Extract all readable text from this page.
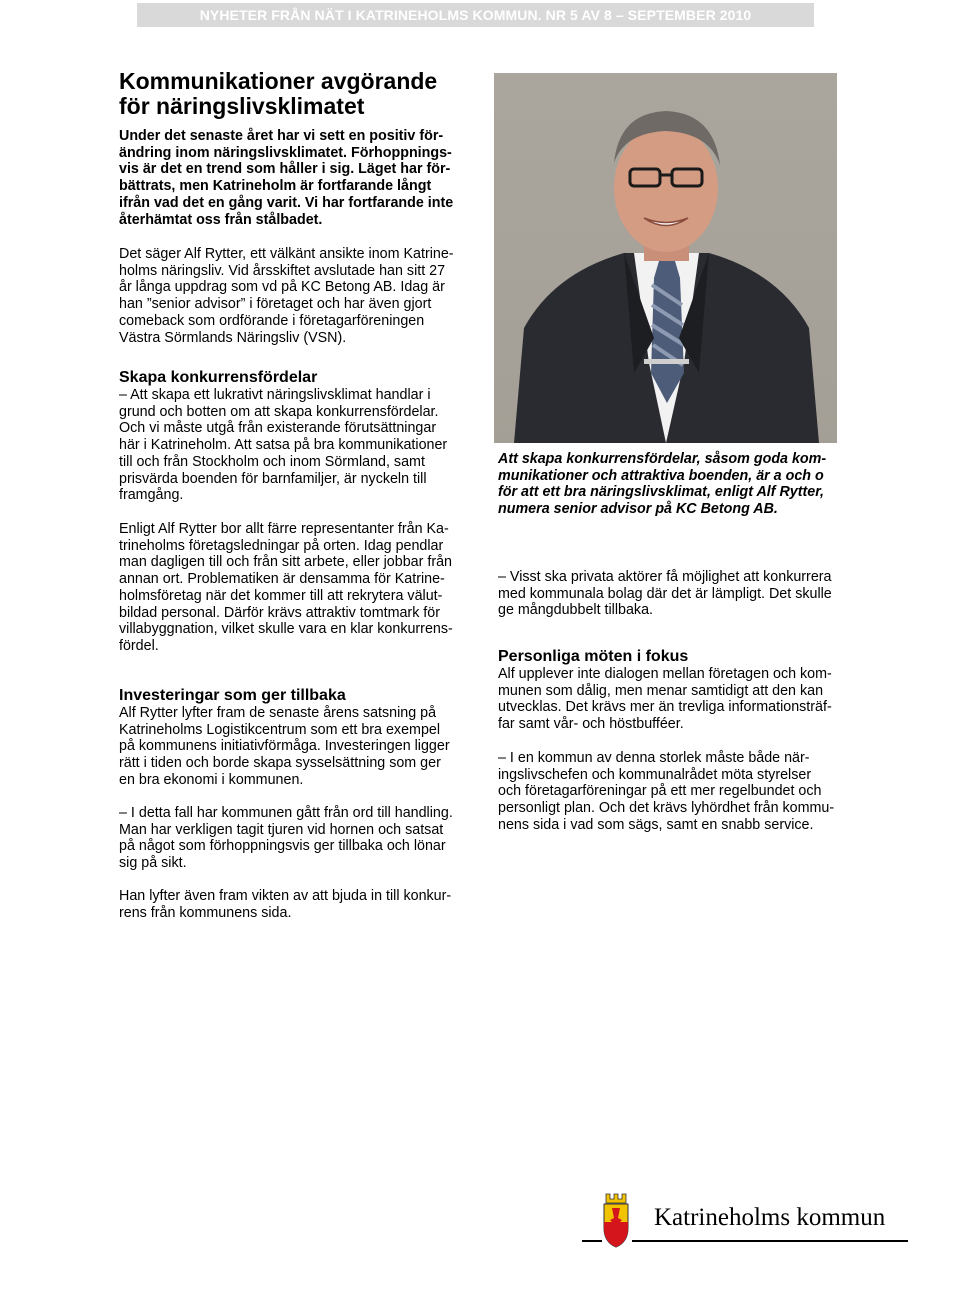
NYHETER FRÅN NÄT I KATRINEHOLMS KOMMUN. NR 5 AV 8 – SEPTEMBER 2010
Kommunikationer avgörande
för näringslivsklimatet

Under det senaste året har vi sett en positiv för-
ändring inom näringslivsklimatet. Förhoppnings-
vis är det en trend som håller i sig. Läget har för-
bättrats, men Katrineholm är fortfarande långt
ifrån vad det en gång varit. Vi har fortfarande inte
återhämtat oss från stålbadet.

Det säger Alf Rytter, ett välkänt ansikte inom Katrine-
holms näringsliv. Vid årsskiftet avslutade han sitt 27
år långa uppdrag som vd på KC Betong AB. Idag är
han ”senior advisor” i företaget och har även gjort
comeback som ordförande i företagarföreningen
Västra Sörmlands Näringsliv (VSN).

Skapa konkurrensfördelar

– Att skapa ett lukrativt näringslivsklimat handlar i
grund och botten om att skapa konkurrensfördelar.
Och vi måste utgå från existerande förutsättningar
här i Katrineholm. Att satsa på bra kommunikationer
till och från Stockholm och inom Sörmland, samt
prisvärda boenden för barnfamiljer, är nyckeln till
framgång.

Enligt Alf Rytter bor allt färre representanter från Ka-
trineholms företagsledningar på orten. Idag pendlar
man dagligen till och från sitt arbete, eller jobbar från
annan ort. Problematiken är densamma för Katrine-
holmsföretag när det kommer till att rekrytera välut-
bildad personal. Därför krävs attraktiv tomtmark för
villabyggnation, vilket skulle vara en klar konkurrens-
fördel.

Investeringar som ger tillbaka

Alf Rytter lyfter fram de senaste årens satsning på
Katrineholms Logistikcentrum som ett bra exempel
på kommunens initiativförmåga. Investeringen ligger
rätt i tiden och borde skapa sysselsättning som ger
en bra ekonomi i kommunen.

– I detta fall har kommunen gått från ord till handling.
Man har verkligen tagit tjuren vid hornen och satsat
på något som förhoppningsvis ger tillbaka och lönar
sig på sikt.

Han lyfter även fram vikten av att bjuda in till konkur-
rens från kommunens sida.

Att skapa konkurrensfördelar, såsom goda kom-
munikationer och attraktiva boenden, är a och o
för att ett bra näringslivsklimat, enligt Alf Rytter,
numera senior advisor på KC Betong AB.

– Visst ska privata aktörer få möjlighet att konkurrera
med kommunala bolag där det är lämpligt. Det skulle
ge mångdubbelt tillbaka.

Personliga möten i fokus

Alf upplever inte dialogen mellan företagen och kom-
munen som dålig, men menar samtidigt att den kan
utvecklas. Det krävs mer än trevliga informationsträf-
far samt vår- och höstbufféer.

– I en kommun av denna storlek måste både när-
ingslivschefen och kommunalrådet möta styrelser
och företagarföreningar på ett mer regelbundet och
personligt plan. Och det krävs lyhördhet från kommu-
nens sida i vad som sägs, samt en snabb service.

Katrineholms kommun
